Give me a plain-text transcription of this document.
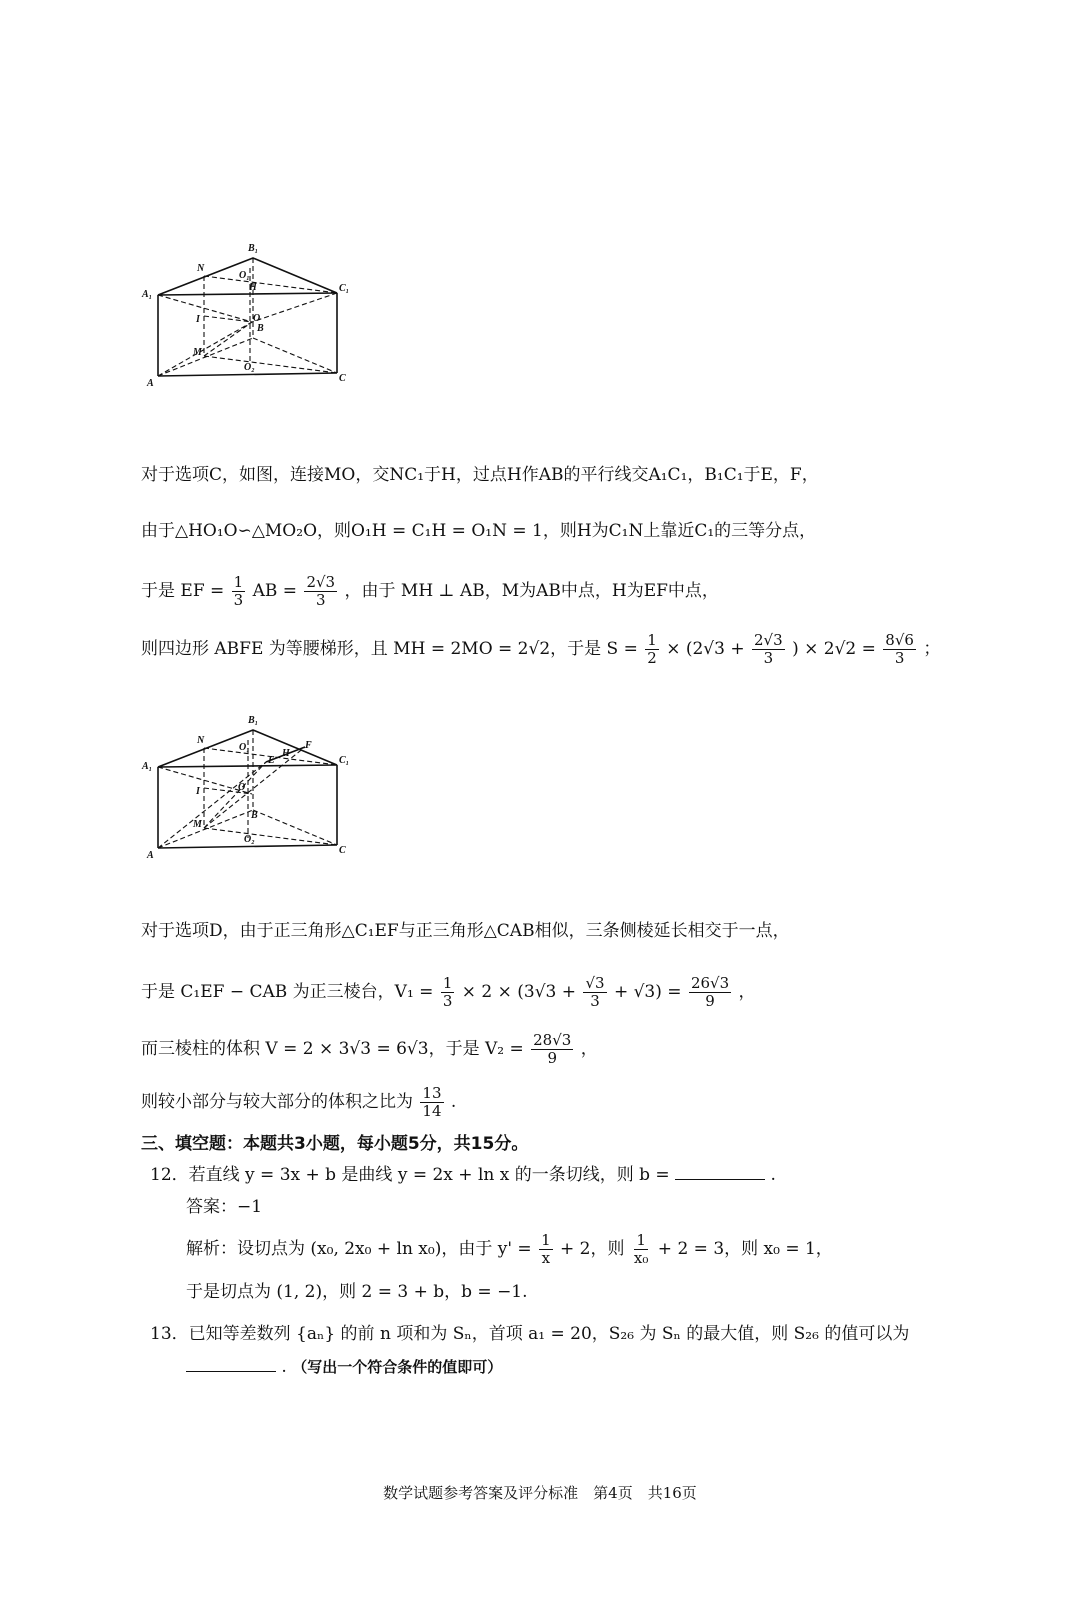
B₁
N
O₁
H
A₁
C₁
I	O
B
M
O₂
A	C
对于选项C，如图，连接MO，交NC₁于H，过点H作AB的平行线交A₁C₁，B₁C₁于E，F，
由于△HO₁O∽△MO₂O，则O₁H = C₁H = O₁N = 1，则H为C₁N上靠近C₁的三等分点，
于是 EF = $\frac{1}{3}$ AB = $\frac{2√3}{3}$ ，由于 MH ⊥ AB，M为AB中点，H为EF中点，
则四边形 ABFE 为等腰梯形，且 MH = 2MO = 2√2，于是 $S = \frac{1}{2} \times (2√3 + \frac{2√3}{3}$ ) × $2√2 = \frac{8√6}{3}$ ；
B₁
N
O₁
E
H
F
A₁
C₁
I	O
B
M
O₂
A	C
对于选项D，由于正三角形△C₁EF与正三角形△CAB相似，三条侧棱延长相交于一点，
于是 C₁EF − CAB 为正三棱台，$V_1 = \frac{1}{3} \times 2 \times (3√3 + \frac{√3}{3} + √3) = \frac{26√3}{9}$ ，
而三棱柱的体积 V = 2 × 3√3 = 6√3，于是 $V_2 = \frac{28√3}{9}$ ，
则较小部分与较大部分的体积之比为 $\frac{13}{14}$ .
三、填空题：本题共3小题，每小题5分，共15分。
12．若直线 y = 3x + b 是曲线 y = 2x + ln x 的一条切线，则 b =	.
答案：−1
解析：设切点为 (x₀, 2x₀ + ln x₀)，由于 $y' = \frac{1}{x} + 2$，则 $\frac{1}{\text{x₀}} + 2 = 3$，则 x₀ = 1，
于是切点为 (1, 2)，则 2 = 3 + b，b = −1.
13．已知等差数列 {aₙ} 的前 n 项和为 Sₙ，首项 a₁ = 20，S₂₆ 为 Sₙ 的最大值，则 S₂₆ 的值可以为
. （写出一个符合条件的值即可）
数学试题参考答案及评分标准　第4页　共16页
